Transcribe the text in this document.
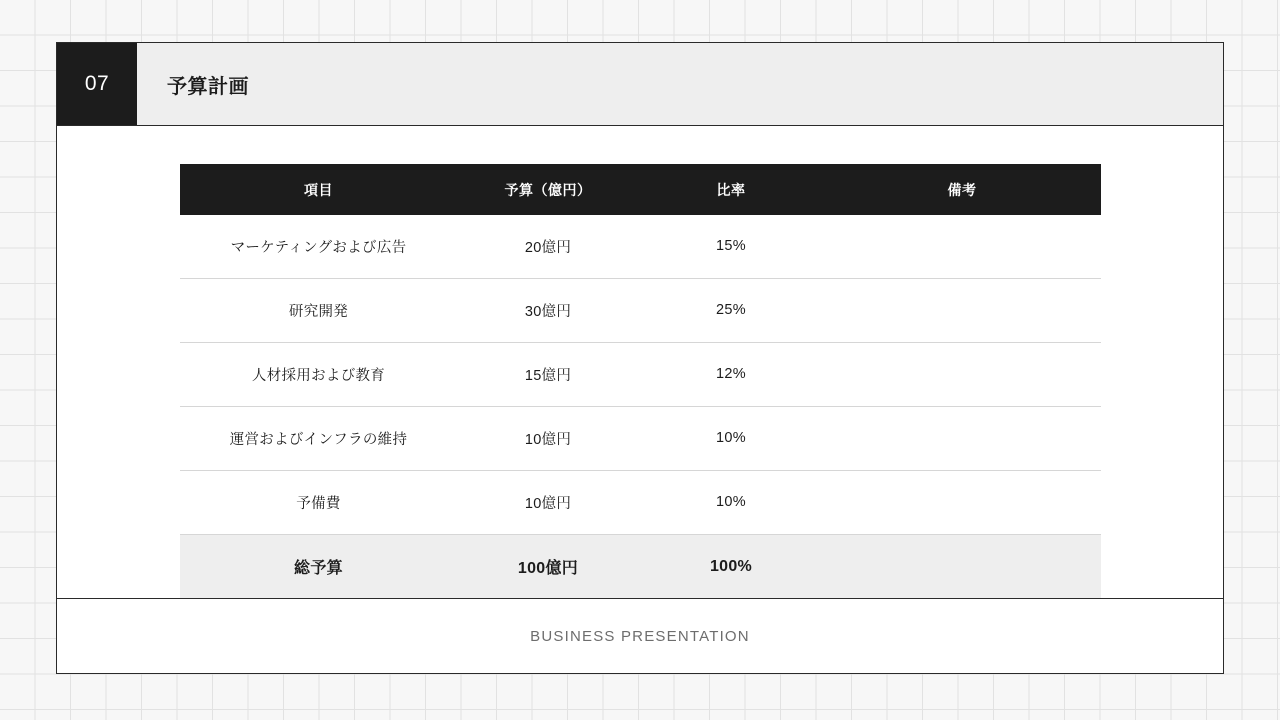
07	予算計画
項目	予算（億円）	比率	備考
マーケティングおよび広告	20億円	15%	
研究開発	30億円	25%	
人材採用および教育	15億円	12%	
運営およびインフラの維持	10億円	10%	
予備費	10億円	10%	
総予算	100億円	100%	
BUSINESS PRESENTATION
